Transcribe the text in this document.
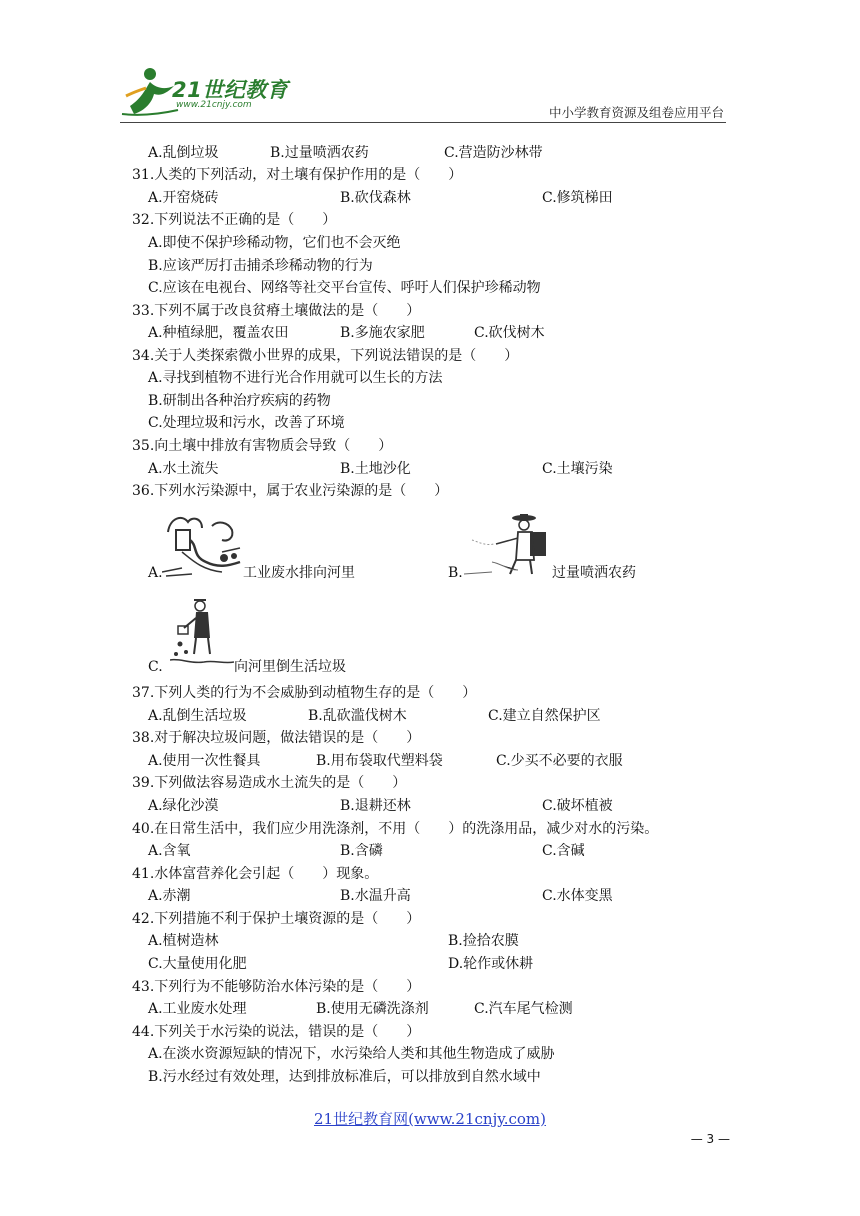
21世纪教育
www.21cnjy.com	中小学教育资源及组卷应用平台
A.乱倒垃圾	B.过量喷洒农药	C.营造防沙林带
31.人类的下列活动，对土壤有保护作用的是（　　）
A.开窑烧砖	B.砍伐森林	C.修筑梯田
32.下列说法不正确的是（　　）
A.即使不保护珍稀动物，它们也不会灭绝
B.应该严厉打击捕杀珍稀动物的行为
C.应该在电视台、网络等社交平台宣传、呼吁人们保护珍稀动物
33.下列不属于改良贫瘠土壤做法的是（　　）
A.种植绿肥，覆盖农田	B.多施农家肥	C.砍伐树木
34.关于人类探索微小世界的成果，下列说法错误的是（　　）
A.寻找到植物不进行光合作用就可以生长的方法
B.研制出各种治疗疾病的药物
C.处理垃圾和污水，改善了环境
35.向土壤中排放有害物质会导致（　　）
A.水土流失	B.土地沙化	C.土壤污染
36.下列水污染源中，属于农业污染源的是（　　）
A.	工业废水排向河里	B.	过量喷洒农药
C.	向河里倒生活垃圾
37.下列人类的行为不会威胁到动植物生存的是（　　）
A.乱倒生活垃圾	B.乱砍滥伐树木	C.建立自然保护区
38.对于解决垃圾问题，做法错误的是（　　）
A.使用一次性餐具	B.用布袋取代塑料袋	C.少买不必要的衣服
39.下列做法容易造成水土流失的是（　　）
A.绿化沙漠	B.退耕还林	C.破坏植被
40.在日常生活中，我们应少用洗涤剂，不用（　　）的洗涤用品，减少对水的污染。
A.含氧	B.含磷	C.含碱
41.水体富营养化会引起（　　）现象。
A.赤潮	B.水温升高	C.水体变黑
42.下列措施不利于保护土壤资源的是（　　）
A.植树造林	B.捡拾农膜
C.大量使用化肥	D.轮作或休耕
43.下列行为不能够防治水体污染的是（　　）
A.工业废水处理	B.使用无磷洗涤剂	C.汽车尾气检测
44.下列关于水污染的说法，错误的是（　　）
A.在淡水资源短缺的情况下，水污染给人类和其他生物造成了威胁
B.污水经过有效处理，达到排放标准后，可以排放到自然水域中
21世纪教育网(www.21cnjy.com)
— 3 —
